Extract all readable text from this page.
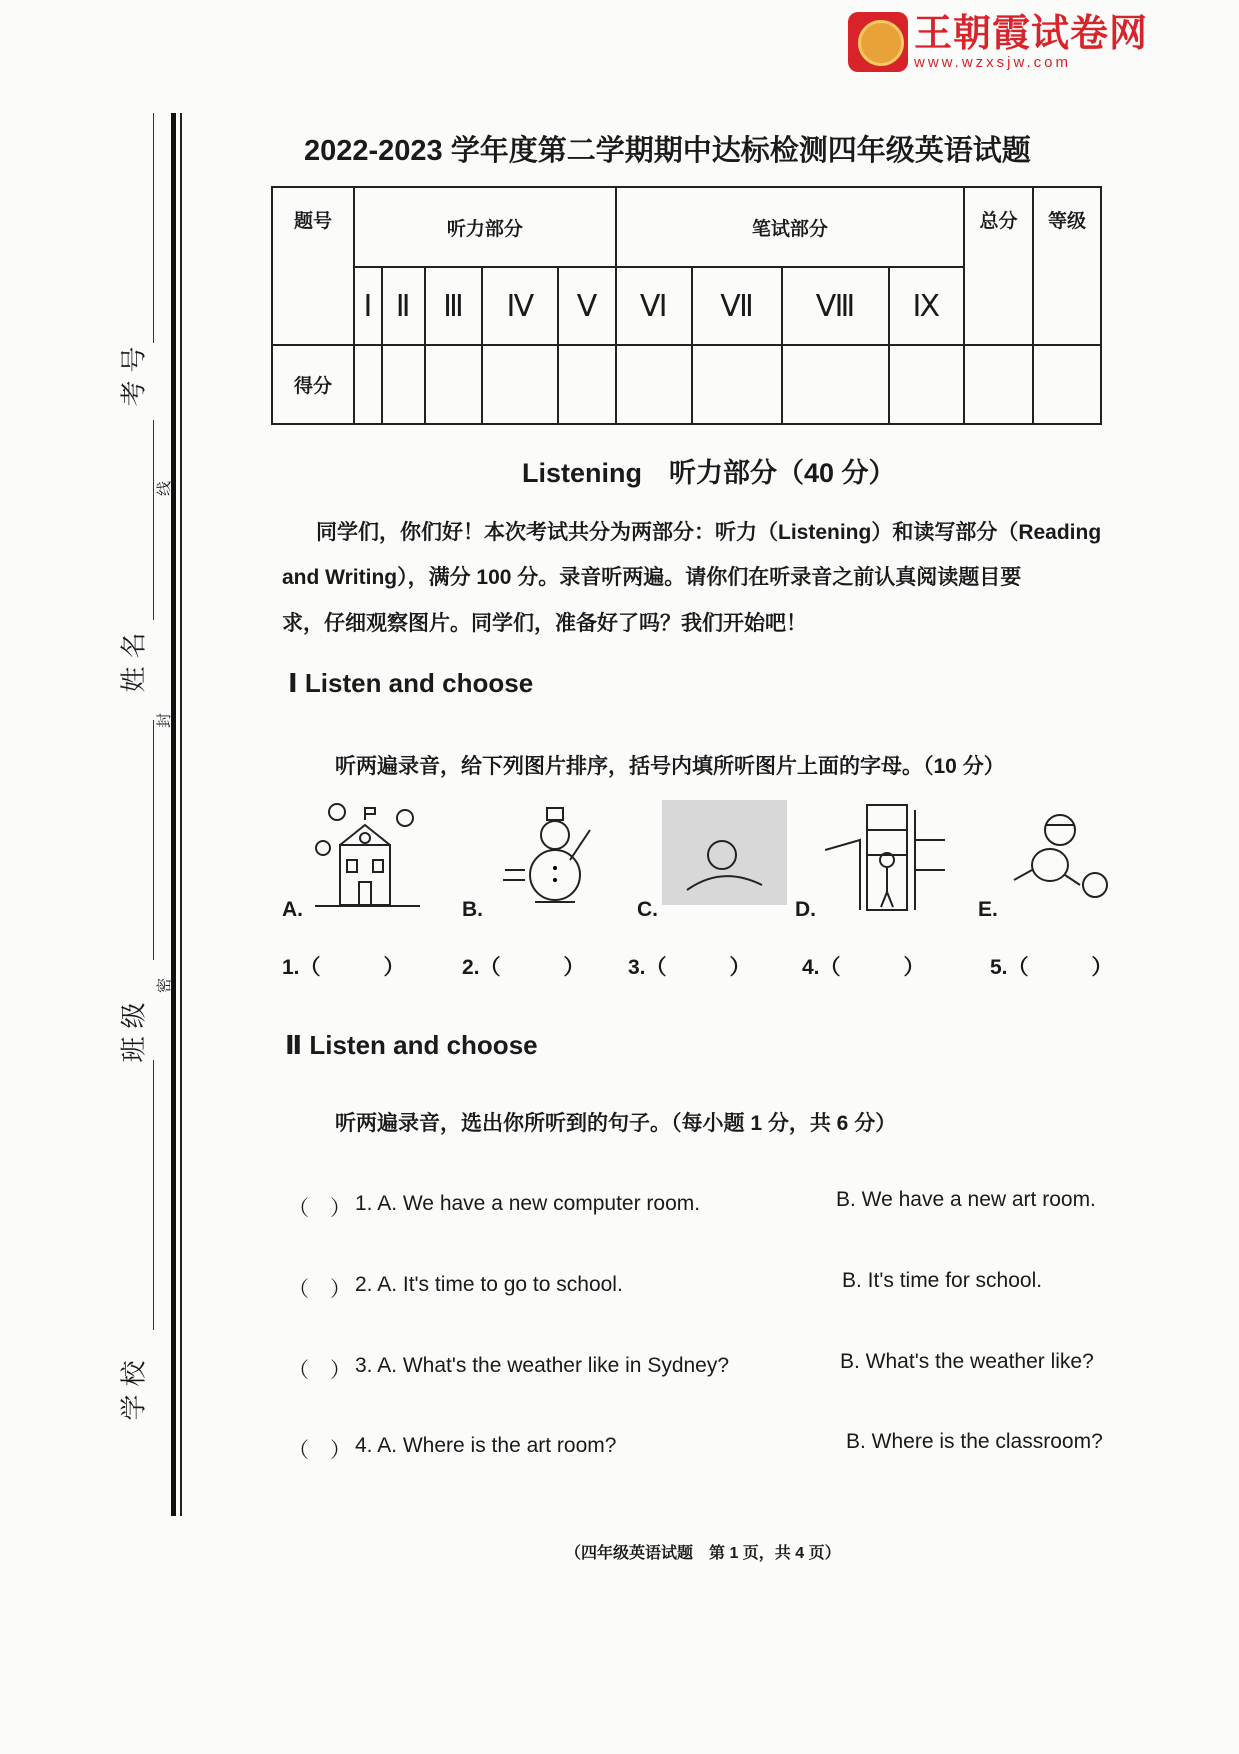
王朝霞试卷网
www.wzxsjw.com
考号
姓名
班级
学校
线
封
密
2022-2023 学年度第二学期期中达标检测四年级英语试题
题号	听力部分					笔试部分				总分	等级
	Ⅰ	Ⅱ	Ⅲ	Ⅳ	Ⅴ	Ⅵ	Ⅶ	Ⅷ	Ⅸ		
得分											
Listening　听力部分（40 分）
同学们，你们好！本次考试共分为两部分：听力（Listening）和读写部分（Reading
and Writing），满分 100 分。录音听两遍。请你们在听录音之前认真阅读题目要
求，仔细观察图片。同学们，准备好了吗？我们开始吧！
Ⅰ Listen and choose
听两遍录音，给下列图片排序，括号内填所听图片上面的字母。（10 分）
A.	B.	C.	D.	E.
1.（　　　）	2.（　　　） 3.（　　　） 4.（　　　）	5.（　　　）
Ⅱ Listen and choose
听两遍录音，选出你所听到的句子。（每小题 1 分，共 6 分）
（　） 1. A. We have a new computer room.	B. We have a new art room.
（　） 2. A. It's time to go to school.	B. It's time for school.
（　） 3. A. What's the weather like in Sydney?	B. What's the weather like?
（　） 4. A. Where is the art room?	B. Where is the classroom?
（四年级英语试题　第 1 页，共 4 页）
